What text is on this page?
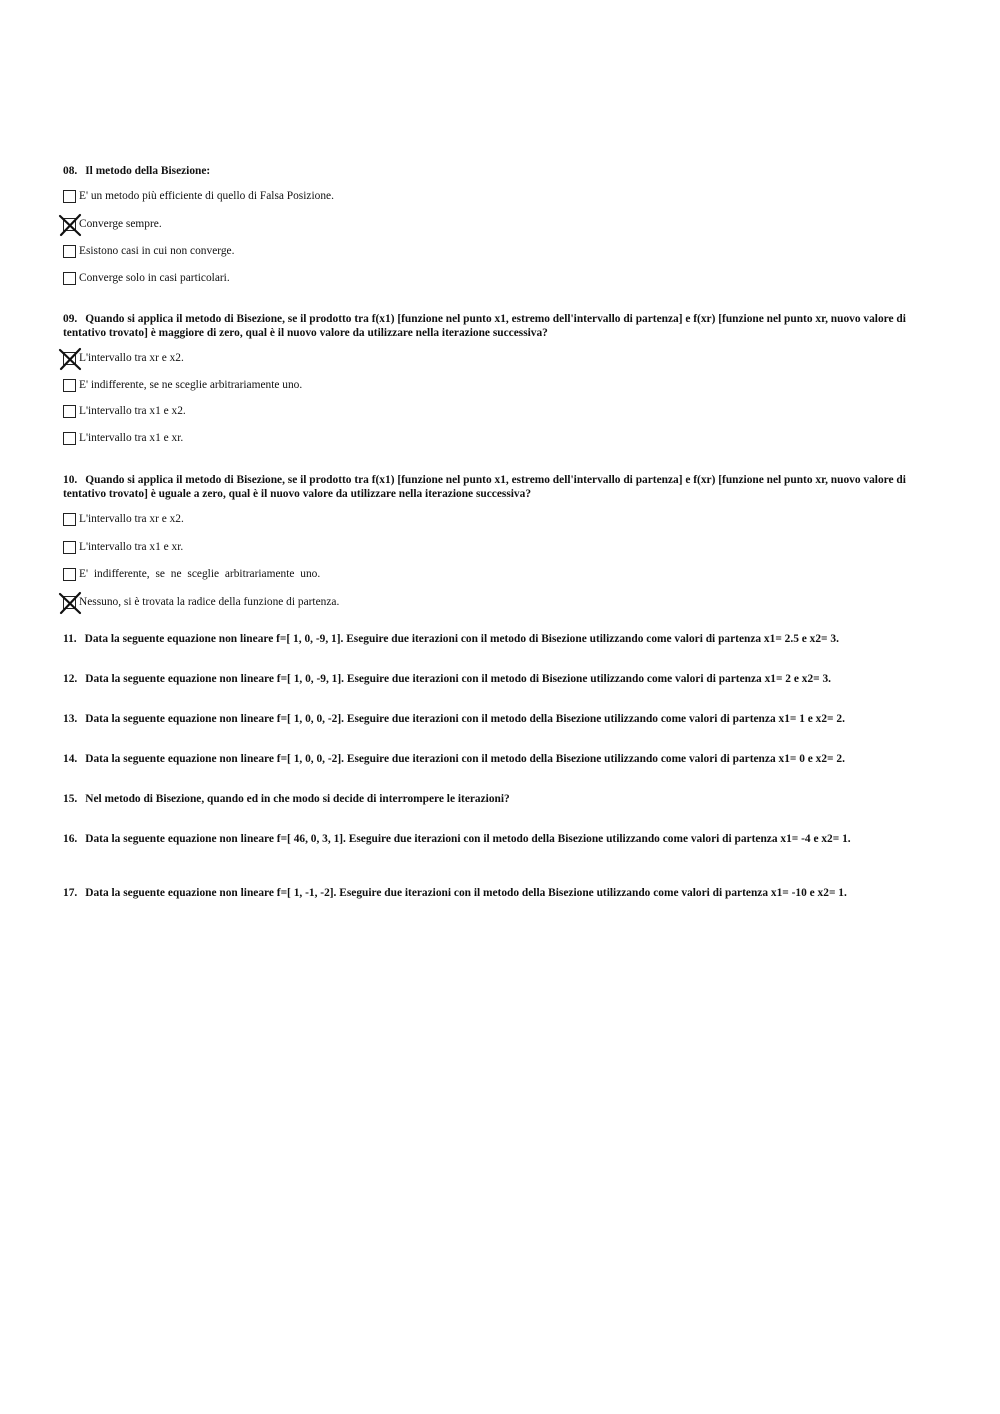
08. Il metodo della Bisezione:
E' un metodo più efficiente di quello di Falsa Posizione.
Converge sempre.
Esistono casi in cui non converge.
Converge solo in casi particolari.
09. Quando si applica il metodo di Bisezione, se il prodotto tra f(x1) [funzione nel punto x1, estremo dell'intervallo di partenza] e f(xr) [funzione nel punto xr, nuovo valore di tentativo trovato] è maggiore di zero, qual è il nuovo valore da utilizzare nella iterazione successiva?
L'intervallo tra xr e x2.
E' indifferente, se ne sceglie arbitrariamente uno.
L'intervallo tra x1 e x2.
L'intervallo tra x1 e xr.
10. Quando si applica il metodo di Bisezione, se il prodotto tra f(x1) [funzione nel punto x1, estremo dell'intervallo di partenza] e f(xr) [funzione nel punto xr, nuovo valore di tentativo trovato] è uguale a zero, qual è il nuovo valore da utilizzare nella iterazione successiva?
L'intervallo tra xr e x2.
L'intervallo tra x1 e xr.
E' indifferente, se ne sceglie arbitrariamente uno.
Nessuno, si è trovata la radice della funzione di partenza.
11. Data la seguente equazione non lineare f=[ 1, 0, -9, 1]. Eseguire due iterazioni con il metodo di Bisezione utilizzando come valori di partenza x1= 2.5 e x2= 3.
12. Data la seguente equazione non lineare f=[ 1, 0, -9, 1]. Eseguire due iterazioni con il metodo di Bisezione utilizzando come valori di partenza x1= 2 e x2= 3.
13. Data la seguente equazione non lineare f=[ 1, 0, 0, -2]. Eseguire due iterazioni con il metodo della Bisezione utilizzando come valori di partenza x1= 1 e x2= 2.
14. Data la seguente equazione non lineare f=[ 1, 0, 0, -2]. Eseguire due iterazioni con il metodo della Bisezione utilizzando come valori di partenza x1= 0 e x2= 2.
15. Nel metodo di Bisezione, quando ed in che modo si decide di interrompere le iterazioni?
16. Data la seguente equazione non lineare f=[ 46, 0, 3, 1]. Eseguire due iterazioni con il metodo della Bisezione utilizzando come valori di partenza x1= -4 e x2= 1.
17. Data la seguente equazione non lineare f=[ 1, -1, -2]. Eseguire due iterazioni con il metodo della Bisezione utilizzando come valori di partenza x1= -10 e x2= 1.
